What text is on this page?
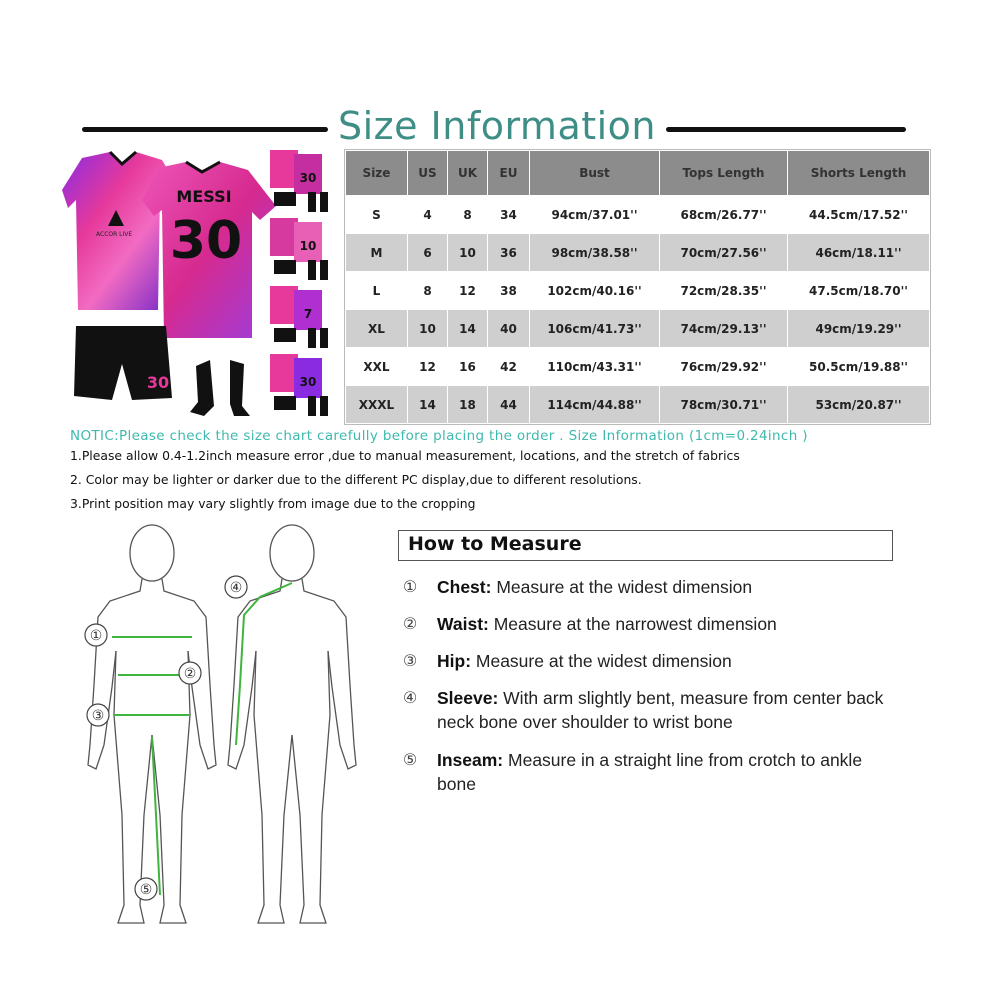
Size Information
ACCOR LIVE
MESSI
30
30
30
10
7
30
Size	US	UK	EU	Bust	Tops Length	Shorts Length
S	4	8	34	94cm/37.01''	68cm/26.77''	44.5cm/17.52''
M	6	10	36	98cm/38.58''	70cm/27.56''	46cm/18.11''
L	8	12	38	102cm/40.16''	72cm/28.35''	47.5cm/18.70''
XL	10	14	40	106cm/41.73''	74cm/29.13''	49cm/19.29''
XXL	12	16	42	110cm/43.31''	76cm/29.92''	50.5cm/19.88''
XXXL	14	18	44	114cm/44.88''	78cm/30.71''	53cm/20.87''
NOTIC:Please check the size chart carefully before placing the order . Size Information (1cm=0.24inch )
1.Please allow 0.4-1.2inch measure error ,due to manual measurement, locations, and the stretch of fabrics
2. Color may be lighter or darker due to the different PC display,due to different resolutions.
3.Print position may vary slightly from image due to the cropping
①
②
③
④
⑤
How to Measure
① Chest: Measure at the widest dimension
② Waist: Measure at the narrowest dimension
③ Hip: Measure at the widest dimension
④ Sleeve: With arm slightly bent, measure from center back neck bone over shoulder to wrist bone
⑤ Inseam: Measure in a straight line from crotch to ankle bone
